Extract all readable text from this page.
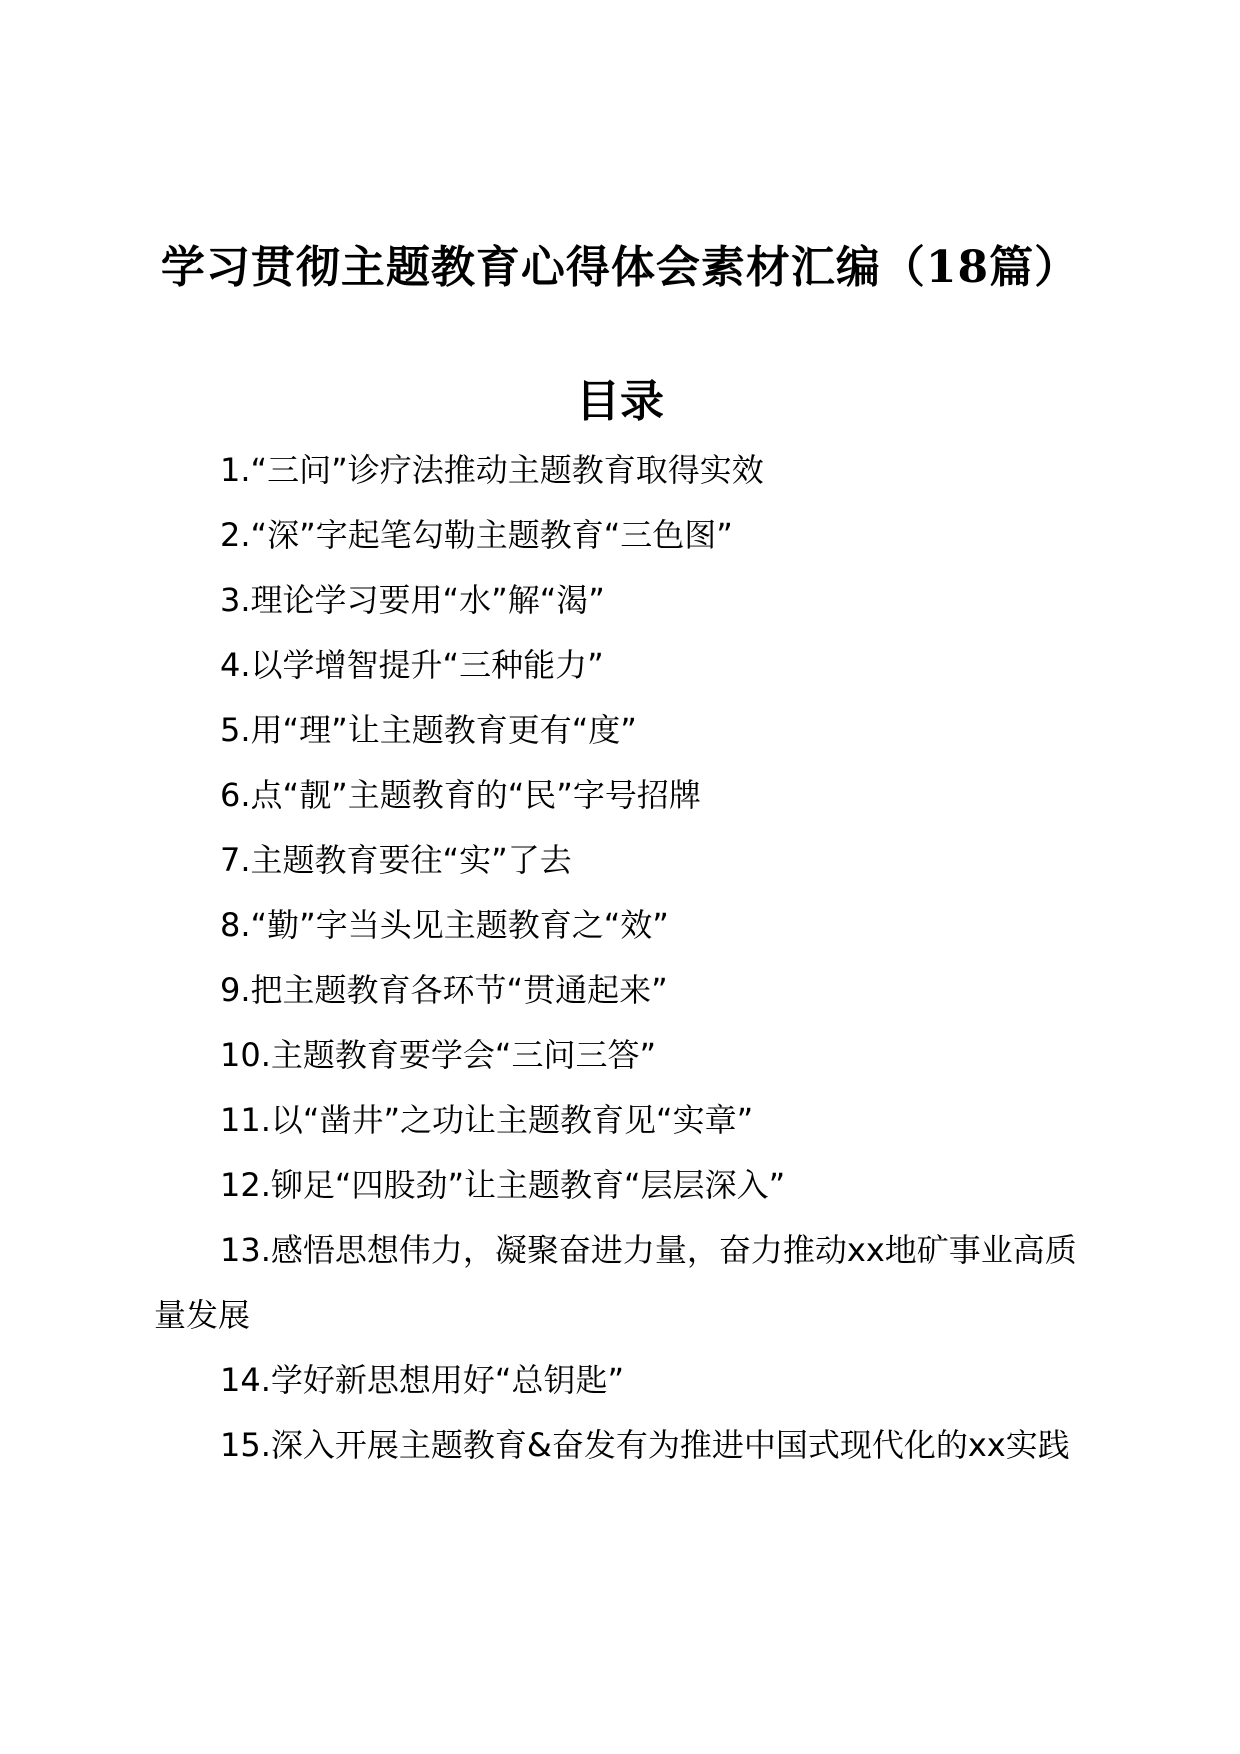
学习贯彻主题教育心得体会素材汇编（18篇）
目录
1.“三问”诊疗法推动主题教育取得实效
2.“深”字起笔勾勒主题教育“三色图”
3.理论学习要用“水”解“渴”
4.以学增智提升“三种能力”
5.用“理”让主题教育更有“度”
6.点“靓”主题教育的“民”字号招牌
7.主题教育要往“实”了去
8.“勤”字当头见主题教育之“效”
9.把主题教育各环节“贯通起来”
10.主题教育要学会“三问三答”
11.以“凿井”之功让主题教育见“实章”
12.铆足“四股劲”让主题教育“层层深入”
13.感悟思想伟力，凝聚奋进力量，奋力推动xx地矿事业高质量发展
14.学好新思想用好“总钥匙”
15.深入开展主题教育&奋发有为推进中国式现代化的xx实践
